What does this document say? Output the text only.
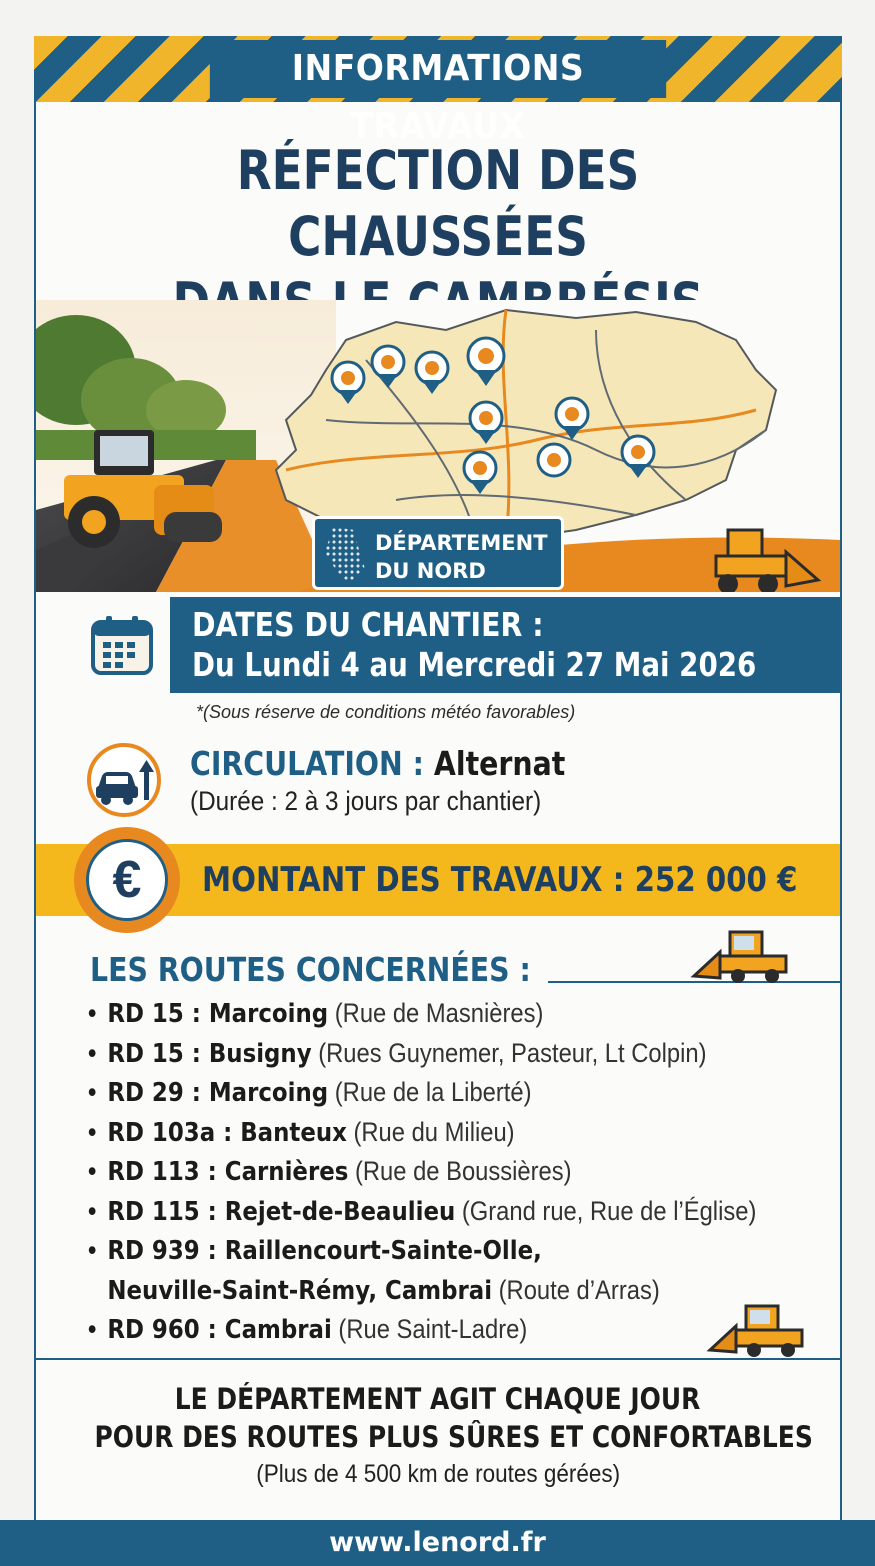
INFORMATIONS TRAVAUX
RÉFECTION DES CHAUSSÉES
DÉPARTEMENT
DU NORD
DATES DU CHANTIER :
Du Lundi 4 au Mercredi 27 Mai 2026
*(Sous réserve de conditions météo favorables)
CIRCULATION : Alternat
(Durée : 2 à 3 jours par chantier)
€	MONTANT DES TRAVAUX : 252 000 €
LES ROUTES CONCERNÉES :
• RD 15 : Marcoing (Rue de Masnières)
• RD 15 : Busigny (Rues Guynemer, Pasteur, Lt Colpin)
• RD 29 : Marcoing (Rue de la Liberté)
• RD 103a : Banteux (Rue du Milieu)
• RD 113 : Carnières (Rue de Boussières)
• RD 115 : Rejet-de-Beaulieu (Grand rue, Rue de l’Église)
• RD 939 : Raillencourt-Sainte-Olle,
Neuville-Saint-Rémy, Cambrai (Route d’Arras)
• RD 960 : Cambrai (Rue Saint-Ladre)
LE DÉPARTEMENT AGIT CHAQUE JOUR
POUR DES ROUTES PLUS SÛRES ET CONFORTABLES
(Plus de 4 500 km de routes gérées)
www.lenord.fr
